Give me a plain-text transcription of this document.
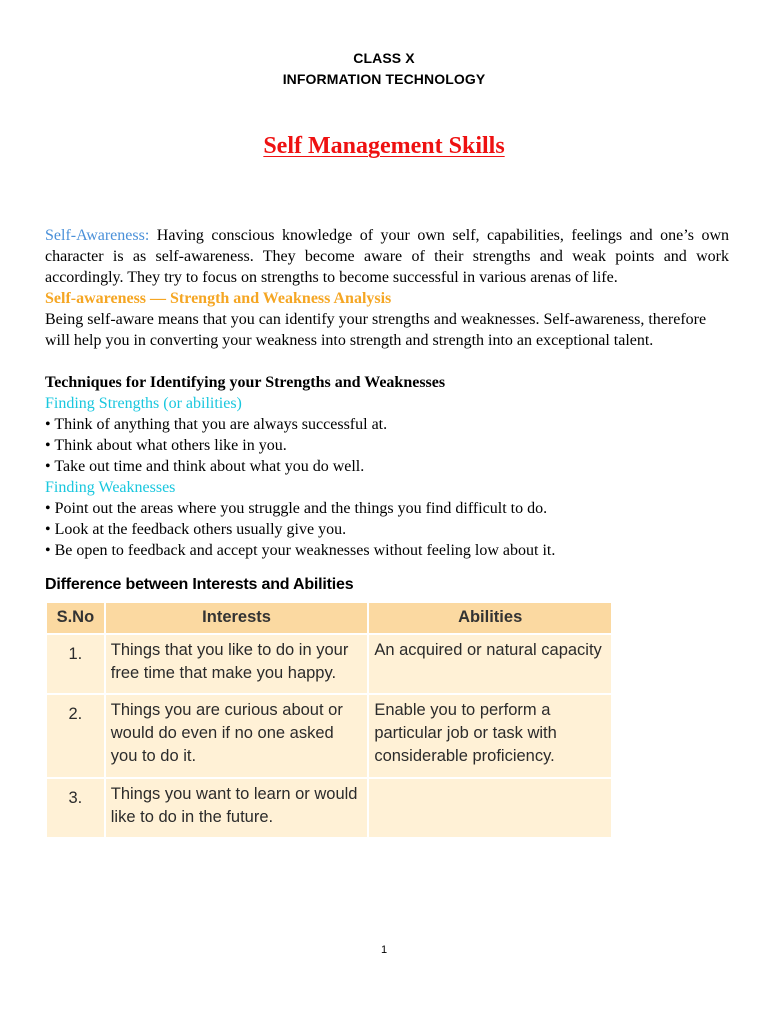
CLASS X
INFORMATION TECHNOLOGY
Self Management Skills
Self-Awareness: Having conscious knowledge of your own self, capabilities, feelings and one’s own character is as self-awareness. They become aware of their strengths and weak points and work accordingly. They try to focus on strengths to become successful in various arenas of life.
Self-awareness — Strength and Weakness Analysis
Being self-aware means that you can identify your strengths and weaknesses. Self-awareness, therefore will help you in converting your weakness into strength and strength into an exceptional talent.
Techniques for Identifying your Strengths and Weaknesses
Finding Strengths (or abilities)
• Think of anything that you are always successful at.
• Think about what others like in you.
• Take out time and think about what you do well.
Finding Weaknesses
• Point out the areas where you struggle and the things you find difficult to do.
• Look at the feedback others usually give you.
• Be open to feedback and accept your weaknesses without feeling low about it.
Difference between Interests and Abilities
S.No	Interests	Abilities
1.	Things that you like to do in your free time that make you happy.	An acquired or natural capacity
2.	Things you are curious about or would do even if no one asked you to do it.	Enable you to perform a particular job or task with considerable proficiency.
3.	Things you want to learn or would like to do in the future.	
1
